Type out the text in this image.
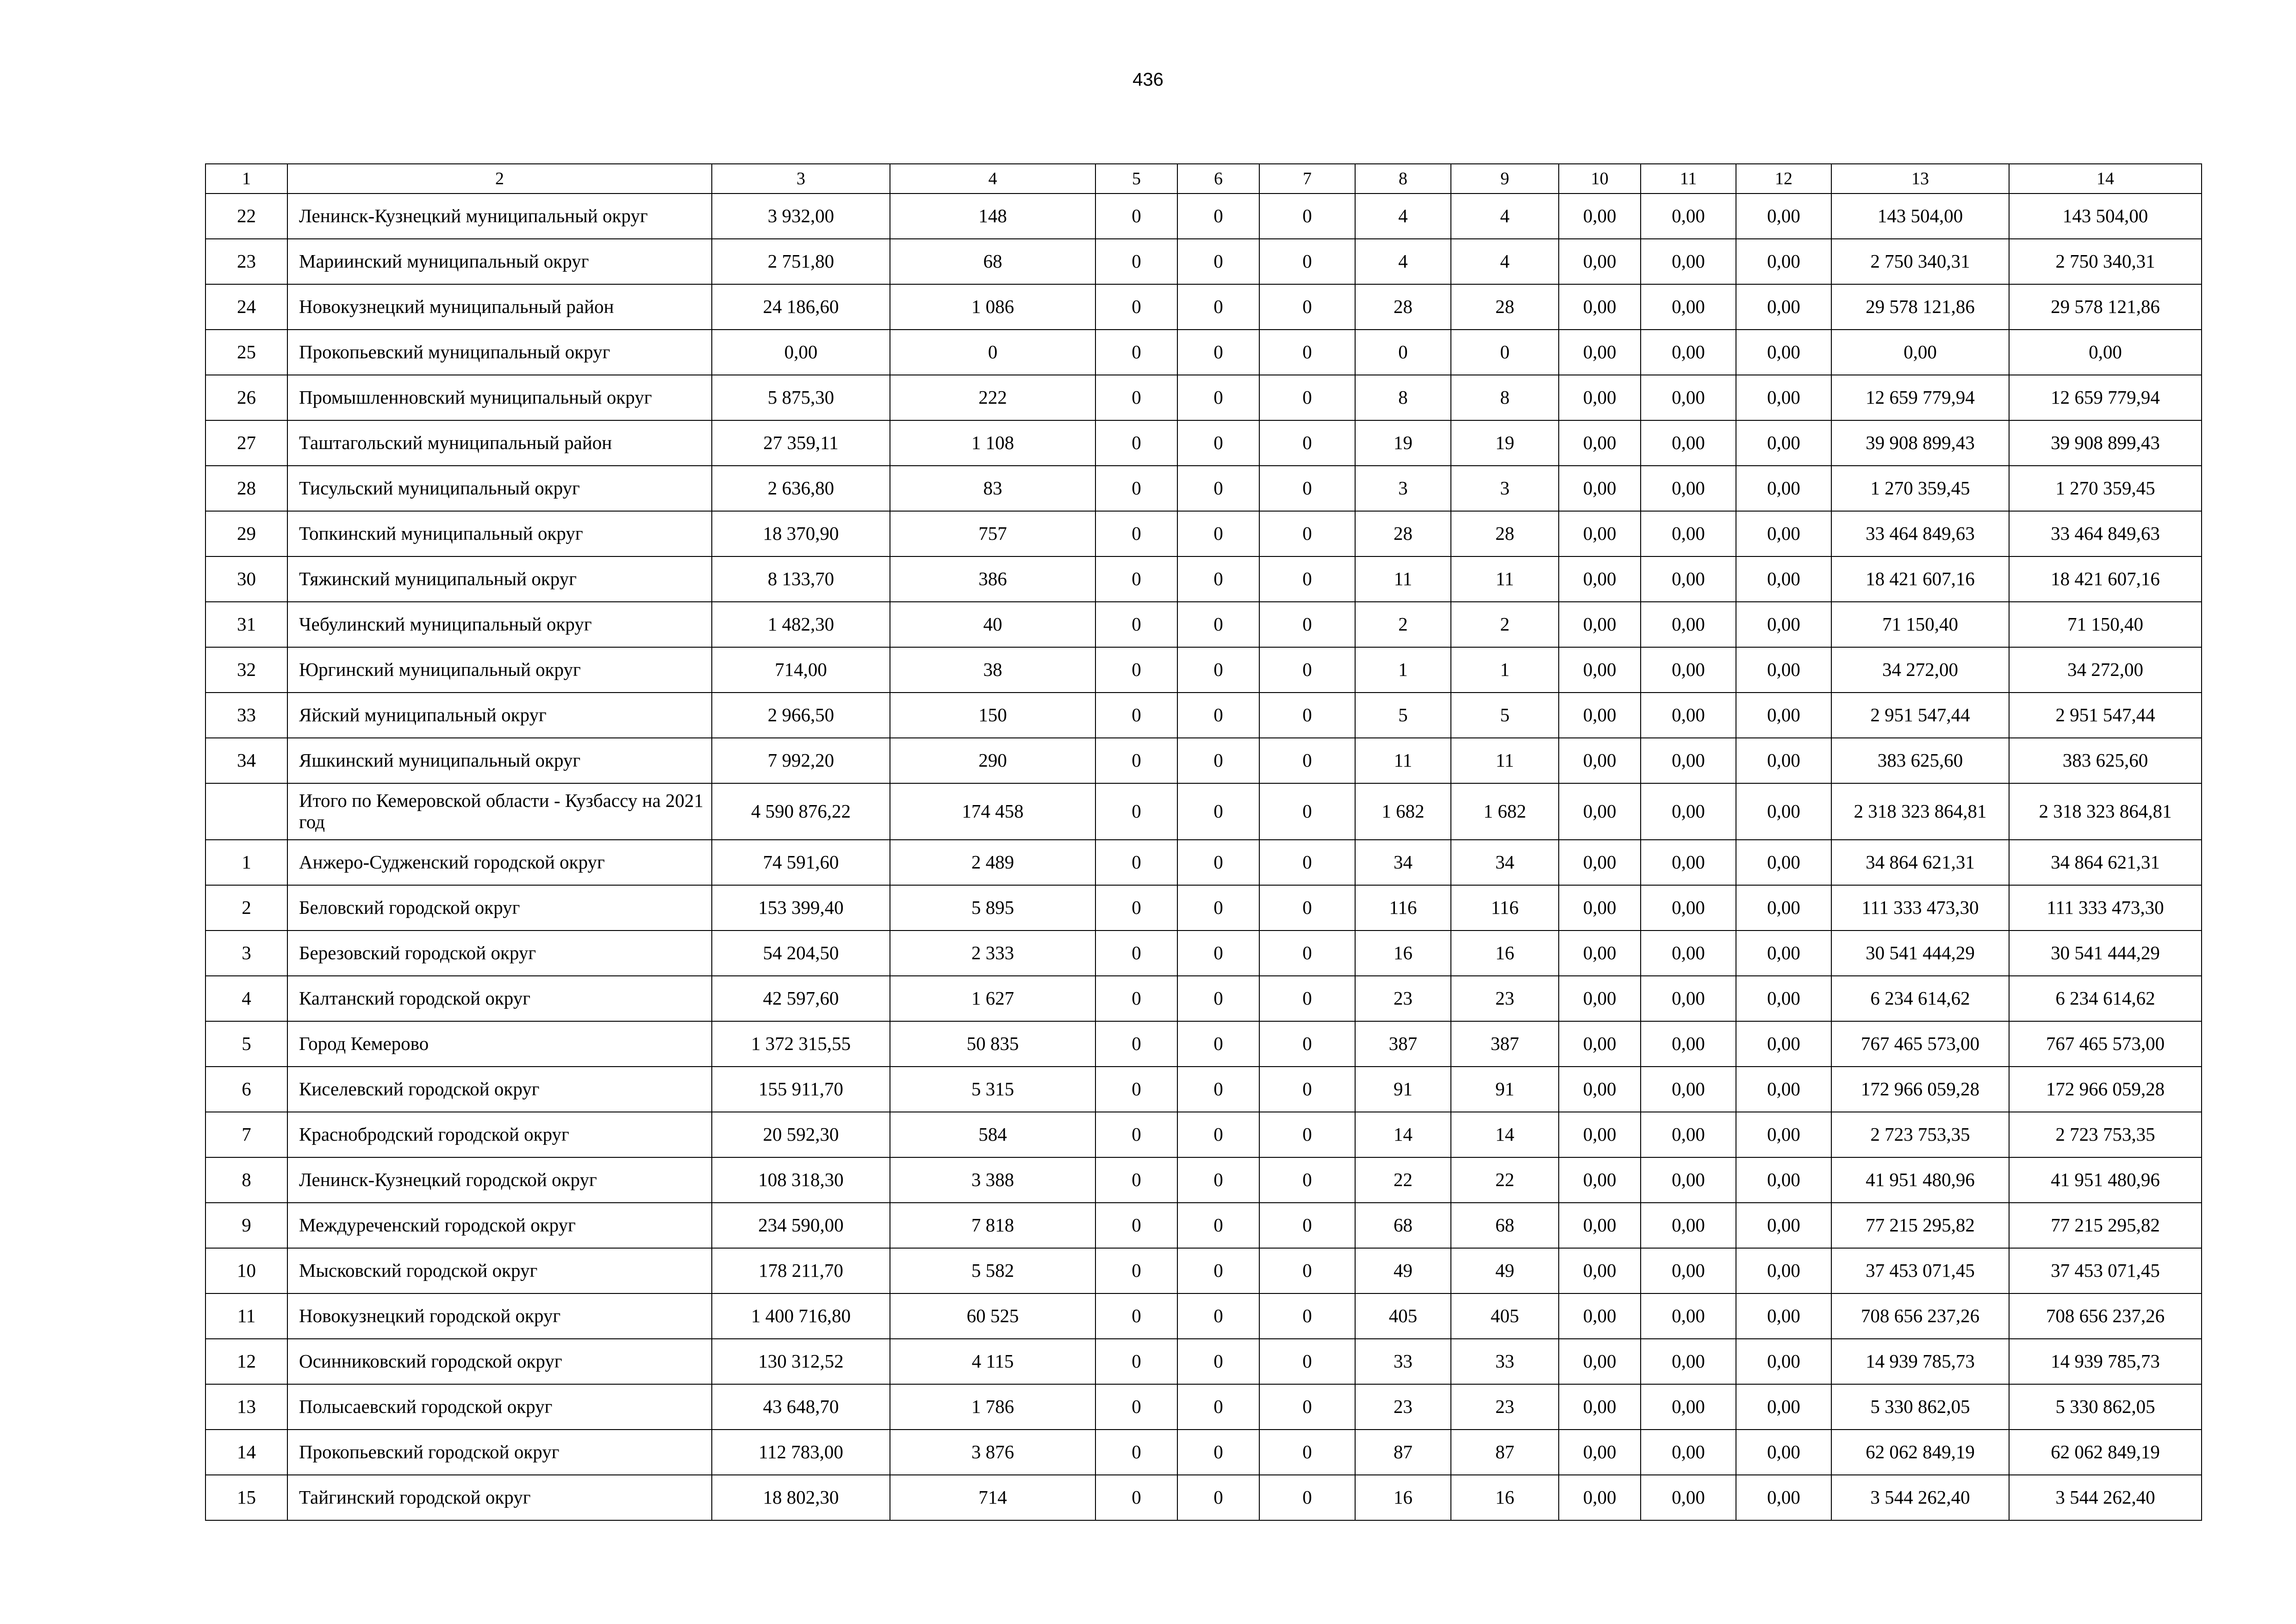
436
1	2	3	4	5	6	7	8	9	10	11	12	13	14
22	Ленинск-Кузнецкий муниципальный округ	3 932,00	148	0	0	0	4	4	0,00	0,00	0,00	143 504,00	143 504,00
23	Мариинский муниципальный округ	2 751,80	68	0	0	0	4	4	0,00	0,00	0,00	2 750 340,31	2 750 340,31
24	Новокузнецкий муниципальный район	24 186,60	1 086	0	0	0	28	28	0,00	0,00	0,00	29 578 121,86	29 578 121,86
25	Прокопьевский муниципальный округ	0,00	0	0	0	0	0	0	0,00	0,00	0,00	0,00	0,00
26	Промышленновский муниципальный округ	5 875,30	222	0	0	0	8	8	0,00	0,00	0,00	12 659 779,94	12 659 779,94
27	Таштагольский муниципальный район	27 359,11	1 108	0	0	0	19	19	0,00	0,00	0,00	39 908 899,43	39 908 899,43
28	Тисульский муниципальный округ	2 636,80	83	0	0	0	3	3	0,00	0,00	0,00	1 270 359,45	1 270 359,45
29	Топкинский муниципальный округ	18 370,90	757	0	0	0	28	28	0,00	0,00	0,00	33 464 849,63	33 464 849,63
30	Тяжинский муниципальный округ	8 133,70	386	0	0	0	11	11	0,00	0,00	0,00	18 421 607,16	18 421 607,16
31	Чебулинский муниципальный округ	1 482,30	40	0	0	0	2	2	0,00	0,00	0,00	71 150,40	71 150,40
32	Юргинский муниципальный округ	714,00	38	0	0	0	1	1	0,00	0,00	0,00	34 272,00	34 272,00
33	Яйский муниципальный округ	2 966,50	150	0	0	0	5	5	0,00	0,00	0,00	2 951 547,44	2 951 547,44
34	Яшкинский муниципальный округ	7 992,20	290	0	0	0	11	11	0,00	0,00	0,00	383 625,60	383 625,60
	Итого по Кемеровской области - Кузбассу на 2021 год	4 590 876,22	174 458	0	0	0	1 682	1 682	0,00	0,00	0,00	2 318 323 864,81	2 318 323 864,81
1	Анжеро-Судженский городской округ	74 591,60	2 489	0	0	0	34	34	0,00	0,00	0,00	34 864 621,31	34 864 621,31
2	Беловский городской округ	153 399,40	5 895	0	0	0	116	116	0,00	0,00	0,00	111 333 473,30	111 333 473,30
3	Березовский городской округ	54 204,50	2 333	0	0	0	16	16	0,00	0,00	0,00	30 541 444,29	30 541 444,29
4	Калтанский городской округ	42 597,60	1 627	0	0	0	23	23	0,00	0,00	0,00	6 234 614,62	6 234 614,62
5	Город Кемерово	1 372 315,55	50 835	0	0	0	387	387	0,00	0,00	0,00	767 465 573,00	767 465 573,00
6	Киселевский городской округ	155 911,70	5 315	0	0	0	91	91	0,00	0,00	0,00	172 966 059,28	172 966 059,28
7	Краснобродский городской округ	20 592,30	584	0	0	0	14	14	0,00	0,00	0,00	2 723 753,35	2 723 753,35
8	Ленинск-Кузнецкий городской округ	108 318,30	3 388	0	0	0	22	22	0,00	0,00	0,00	41 951 480,96	41 951 480,96
9	Междуреченский городской округ	234 590,00	7 818	0	0	0	68	68	0,00	0,00	0,00	77 215 295,82	77 215 295,82
10	Мысковский городской округ	178 211,70	5 582	0	0	0	49	49	0,00	0,00	0,00	37 453 071,45	37 453 071,45
11	Новокузнецкий городской округ	1 400 716,80	60 525	0	0	0	405	405	0,00	0,00	0,00	708 656 237,26	708 656 237,26
12	Осинниковский городской округ	130 312,52	4 115	0	0	0	33	33	0,00	0,00	0,00	14 939 785,73	14 939 785,73
13	Полысаевский городской округ	43 648,70	1 786	0	0	0	23	23	0,00	0,00	0,00	5 330 862,05	5 330 862,05
14	Прокопьевский городской округ	112 783,00	3 876	0	0	0	87	87	0,00	0,00	0,00	62 062 849,19	62 062 849,19
15	Тайгинский городской округ	18 802,30	714	0	0	0	16	16	0,00	0,00	0,00	3 544 262,40	3 544 262,40
